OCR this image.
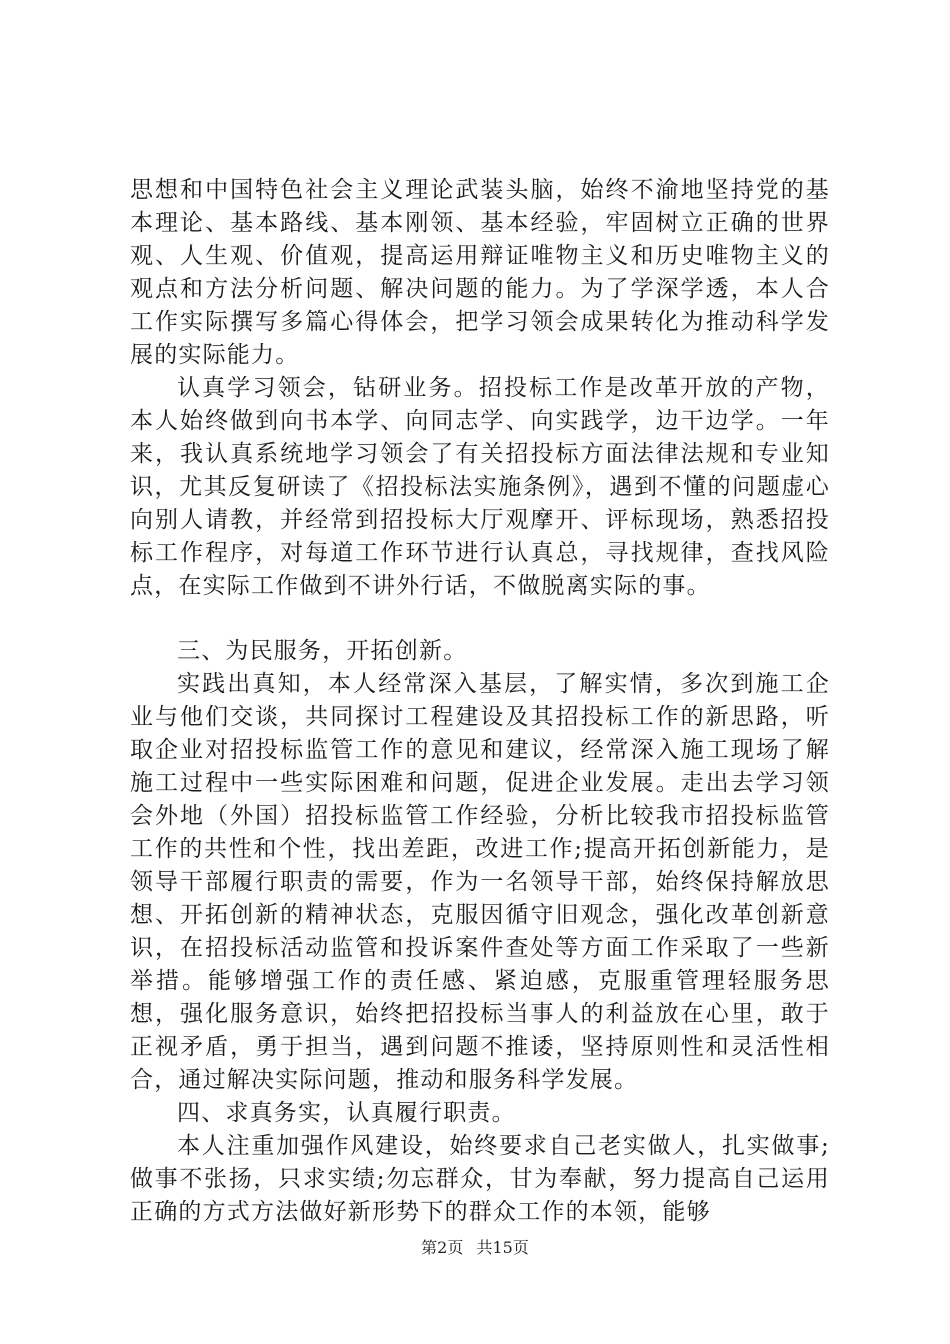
思想和中国特色社会主义理论武装头脑，始终不渝地坚持党的基本理论、基本路线、基本刚领、基本经验，牢固树立正确的世界观、人生观、价值观，提高运用辩证唯物主义和历史唯物主义的观点和方法分析问题、解决问题的能力。为了学深学透，本人合工作实际撰写多篇心得体会，把学习领会成果转化为推动科学发展的实际能力。

认真学习领会，钻研业务。招投标工作是改革开放的产物，本人始终做到向书本学、向同志学、向实践学，边干边学。一年来，我认真系统地学习领会了有关招投标方面法律法规和专业知识，尤其反复研读了《招投标法实施条例》，遇到不懂的问题虚心向别人请教，并经常到招投标大厅观摩开、评标现场，熟悉招投标工作程序，对每道工作环节进行认真总，寻找规律，查找风险点，在实际工作做到不讲外行话，不做脱离实际的事。

三、为民服务，开拓创新。

实践出真知，本人经常深入基层，了解实情，多次到施工企业与他们交谈，共同探讨工程建设及其招投标工作的新思路，听取企业对招投标监管工作的意见和建议，经常深入施工现场了解施工过程中一些实际困难和问题，促进企业发展。走出去学习领会外地（外国）招投标监管工作经验，分析比较我市招投标监管工作的共性和个性，找出差距，改进工作;提高开拓创新能力，是领导干部履行职责的需要，作为一名领导干部，始终保持解放思想、开拓创新的精神状态，克服因循守旧观念，强化改革创新意识，在招投标活动监管和投诉案件查处等方面工作采取了一些新举措。能够增强工作的责任感、紧迫感，克服重管理轻服务思想，强化服务意识，始终把招投标当事人的利益放在心里，敢于正视矛盾，勇于担当，遇到问题不推诿，坚持原则性和灵活性相合，通过解决实际问题，推动和服务科学发展。

四、求真务实，认真履行职责。

本人注重加强作风建设，始终要求自己老实做人，扎实做事;做事不张扬，只求实绩;勿忘群众，甘为奉献，努力提高自己运用正确的方式方法做好新形势下的群众工作的本领，能够

第2页 共15页
